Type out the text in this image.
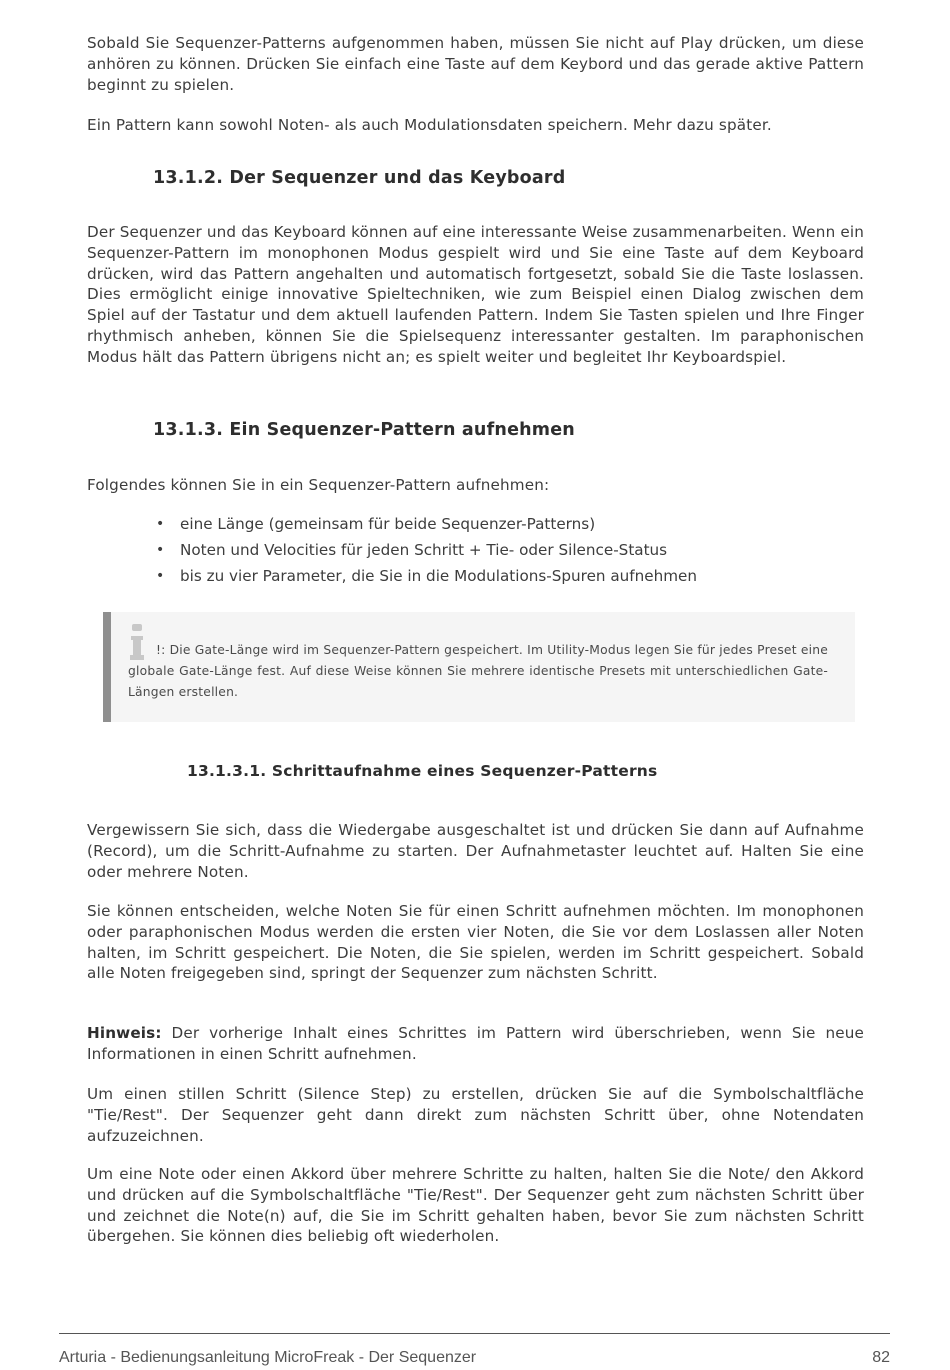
Sobald Sie Sequenzer-Patterns aufgenommen haben, müssen Sie nicht auf Play drücken, um diese anhören zu können. Drücken Sie einfach eine Taste auf dem Keybord und das gerade aktive Pattern beginnt zu spielen.

Ein Pattern kann sowohl Noten- als auch Modulationsdaten speichern. Mehr dazu später.

13.1.2. Der Sequenzer und das Keyboard

Der Sequenzer und das Keyboard können auf eine interessante Weise zusammenarbeiten. Wenn ein Sequenzer-Pattern im monophonen Modus gespielt wird und Sie eine Taste auf dem Keyboard drücken, wird das Pattern angehalten und automatisch fortgesetzt, sobald Sie die Taste loslassen. Dies ermöglicht einige innovative Spieltechniken, wie zum Beispiel einen Dialog zwischen dem Spiel auf der Tastatur und dem aktuell laufenden Pattern. Indem Sie Tasten spielen und Ihre Finger rhythmisch anheben, können Sie die Spielsequenz interessanter gestalten. Im paraphonischen Modus hält das Pattern übrigens nicht an; es spielt weiter und begleitet Ihr Keyboardspiel.

13.1.3. Ein Sequenzer-Pattern aufnehmen

Folgendes können Sie in ein Sequenzer-Pattern aufnehmen:

• eine Länge (gemeinsam für beide Sequenzer-Patterns)
• Noten und Velocities für jeden Schritt + Tie- oder Silence-Status
• bis zu vier Parameter, die Sie in die Modulations-Spuren aufnehmen
!: Die Gate-Länge wird im Sequenzer-Pattern gespeichert. Im Utility-Modus legen Sie für jedes Preset eine globale Gate-Länge fest. Auf diese Weise können Sie mehrere identische Presets mit unterschiedlichen Gate-Längen erstellen.
13.1.3.1. Schrittaufnahme eines Sequenzer-Patterns

Vergewissern Sie sich, dass die Wiedergabe ausgeschaltet ist und drücken Sie dann auf Aufnahme (Record), um die Schritt-Aufnahme zu starten. Der Aufnahmetaster leuchtet auf. Halten Sie eine oder mehrere Noten.

Sie können entscheiden, welche Noten Sie für einen Schritt aufnehmen möchten. Im monophonen oder paraphonischen Modus werden die ersten vier Noten, die Sie vor dem Loslassen aller Noten halten, im Schritt gespeichert. Die Noten, die Sie spielen, werden im Schritt gespeichert. Sobald alle Noten freigegeben sind, springt der Sequenzer zum nächsten Schritt.

Hinweis: Der vorherige Inhalt eines Schrittes im Pattern wird überschrieben, wenn Sie neue Informationen in einen Schritt aufnehmen.

Um einen stillen Schritt (Silence Step) zu erstellen, drücken Sie auf die Symbolschaltfläche "Tie/Rest". Der Sequenzer geht dann direkt zum nächsten Schritt über, ohne Notendaten aufzuzeichnen.

Um eine Note oder einen Akkord über mehrere Schritte zu halten, halten Sie die Note/ den Akkord und drücken auf die Symbolschaltfläche "Tie/Rest". Der Sequenzer geht zum nächsten Schritt über und zeichnet die Note(n) auf, die Sie im Schritt gehalten haben, bevor Sie zum nächsten Schritt übergehen. Sie können dies beliebig oft wiederholen.

Arturia - Bedienungsanleitung MicroFreak - Der Sequenzer	82
